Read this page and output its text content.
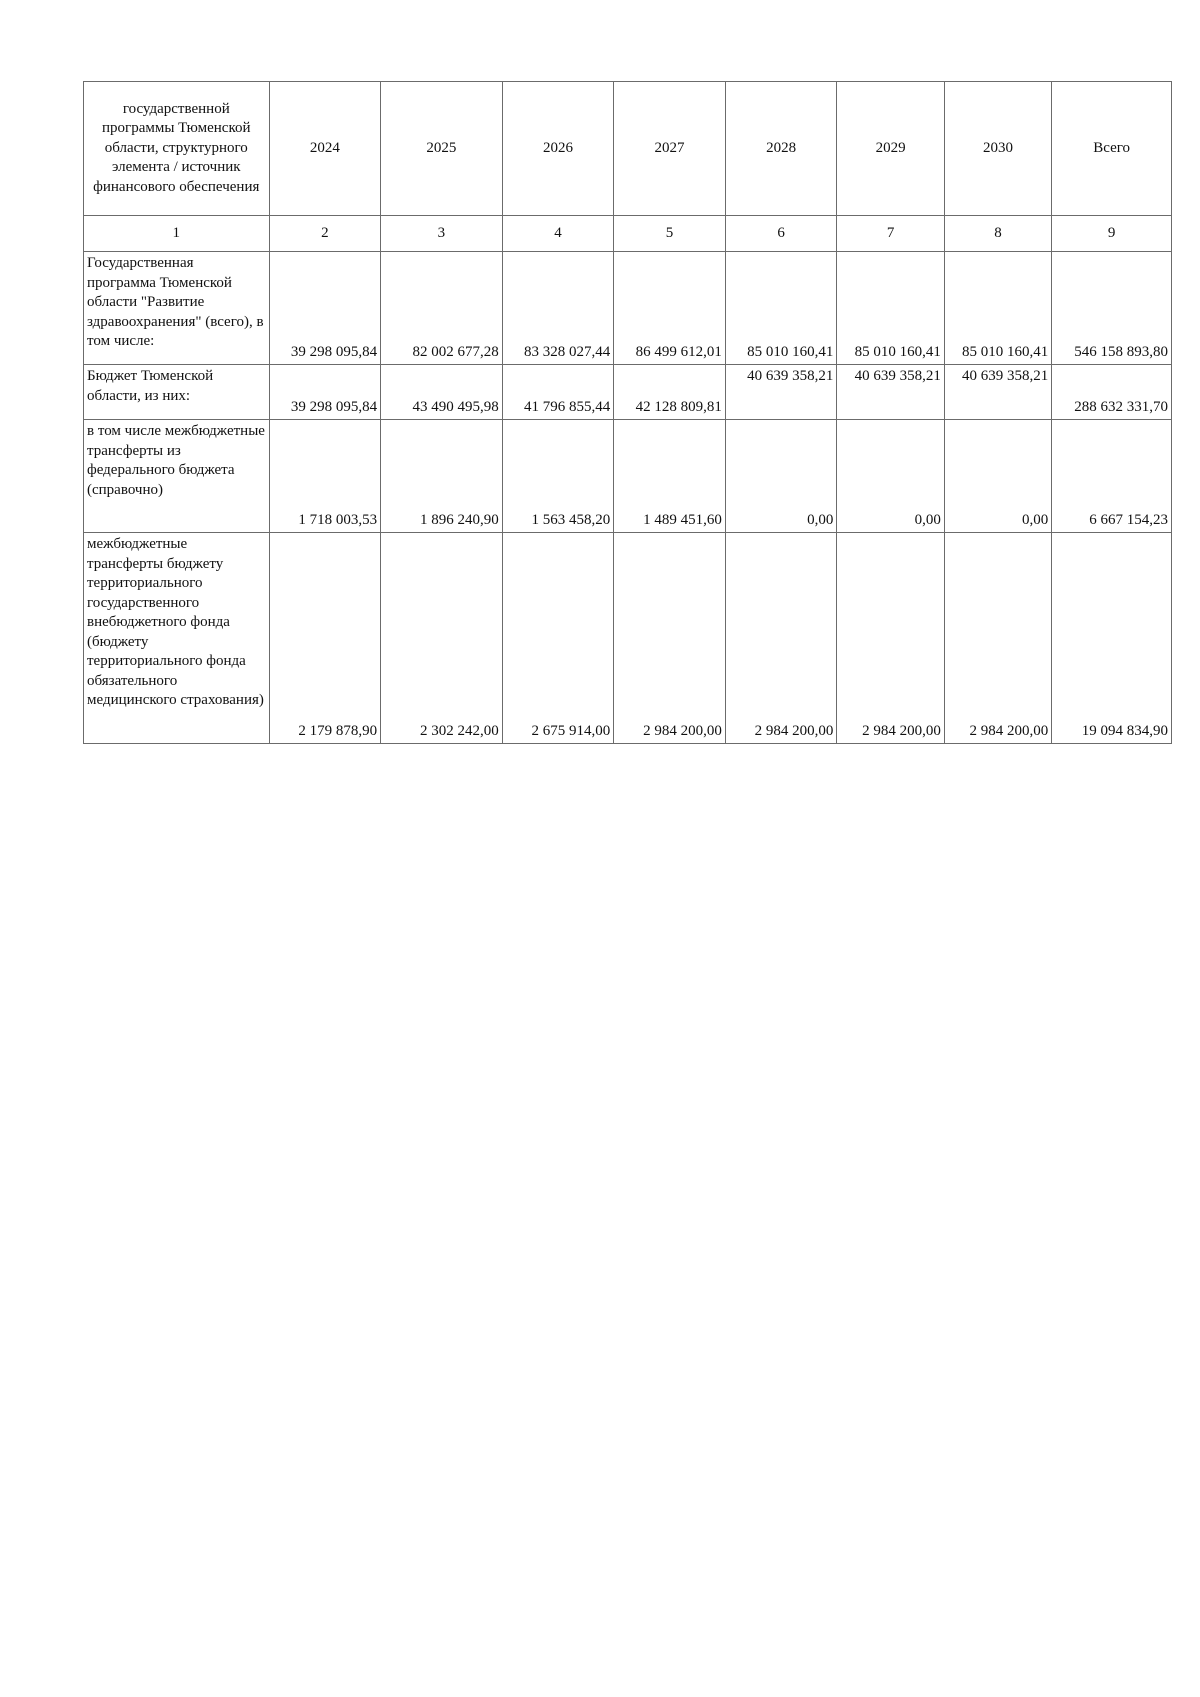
государственной программы Тюменской области, структурного элемента / источник финансового обеспечения	2024	2025	2026	2027	2028	2029	2030	Всего
1	2	3	4	5	6	7	8	9
Государственная программа Тюменской области "Развитие здравоохранения" (всего), в том числе:	39 298 095,84	82 002 677,28	83 328 027,44	86 499 612,01	85 010 160,41	85 010 160,41	85 010 160,41	546 158 893,80
Бюджет Тюменской области, из них:	39 298 095,84	43 490 495,98	41 796 855,44	42 128 809,81	40 639 358,21	40 639 358,21	40 639 358,21	288 632 331,70
в том числе межбюджетные трансферты из федерального бюджета (справочно)	1 718 003,53	1 896 240,90	1 563 458,20	1 489 451,60	0,00	0,00	0,00	6 667 154,23
межбюджетные трансферты бюджету территориального государственного внебюджетного фонда (бюджету территориального фонда обязательного медицинского страхования)	2 179 878,90	2 302 242,00	2 675 914,00	2 984 200,00	2 984 200,00	2 984 200,00	2 984 200,00	19 094 834,90
